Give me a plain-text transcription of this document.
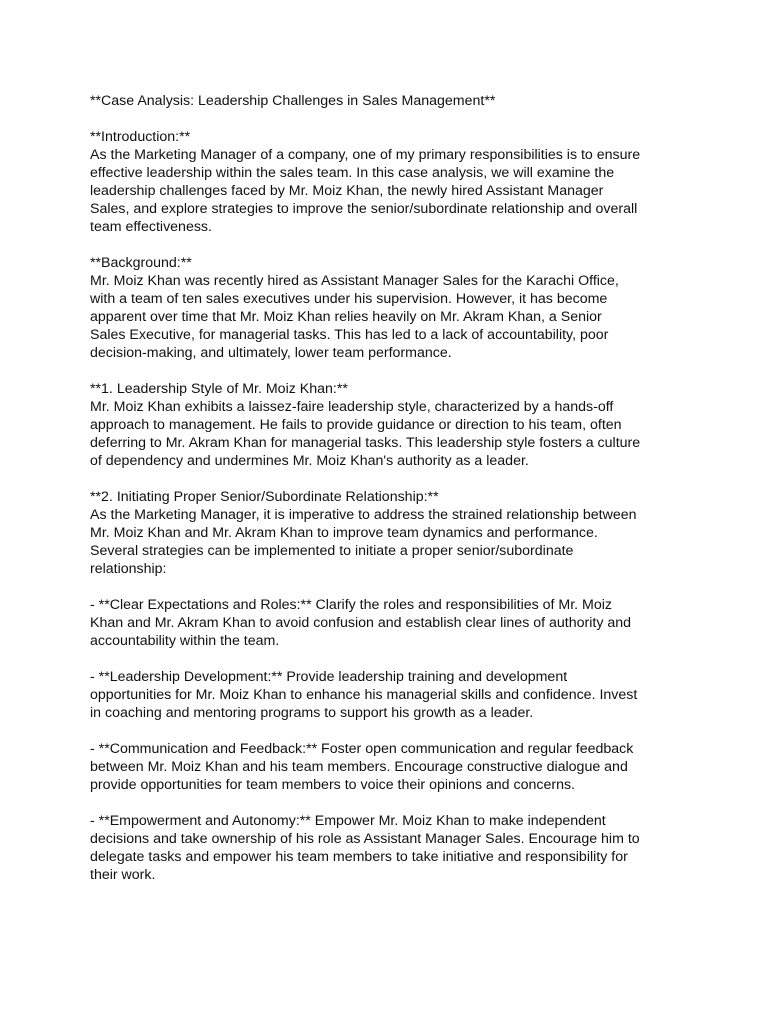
**Case Analysis: Leadership Challenges in Sales Management**
**Introduction:**
As the Marketing Manager of a company, one of my primary responsibilities is to ensure
effective leadership within the sales team. In this case analysis, we will examine the
leadership challenges faced by Mr. Moiz Khan, the newly hired Assistant Manager
Sales, and explore strategies to improve the senior/subordinate relationship and overall
team effectiveness.
**Background:**
Mr. Moiz Khan was recently hired as Assistant Manager Sales for the Karachi Office,
with a team of ten sales executives under his supervision. However, it has become
apparent over time that Mr. Moiz Khan relies heavily on Mr. Akram Khan, a Senior
Sales Executive, for managerial tasks. This has led to a lack of accountability, poor
decision-making, and ultimately, lower team performance.
**1. Leadership Style of Mr. Moiz Khan:**
Mr. Moiz Khan exhibits a laissez-faire leadership style, characterized by a hands-off
approach to management. He fails to provide guidance or direction to his team, often
deferring to Mr. Akram Khan for managerial tasks. This leadership style fosters a culture
of dependency and undermines Mr. Moiz Khan's authority as a leader.
**2. Initiating Proper Senior/Subordinate Relationship:**
As the Marketing Manager, it is imperative to address the strained relationship between
Mr. Moiz Khan and Mr. Akram Khan to improve team dynamics and performance.
Several strategies can be implemented to initiate a proper senior/subordinate
relationship:
- **Clear Expectations and Roles:** Clarify the roles and responsibilities of Mr. Moiz
Khan and Mr. Akram Khan to avoid confusion and establish clear lines of authority and
accountability within the team.
- **Leadership Development:** Provide leadership training and development
opportunities for Mr. Moiz Khan to enhance his managerial skills and confidence. Invest
in coaching and mentoring programs to support his growth as a leader.
- **Communication and Feedback:** Foster open communication and regular feedback
between Mr. Moiz Khan and his team members. Encourage constructive dialogue and
provide opportunities for team members to voice their opinions and concerns.
- **Empowerment and Autonomy:** Empower Mr. Moiz Khan to make independent
decisions and take ownership of his role as Assistant Manager Sales. Encourage him to
delegate tasks and empower his team members to take initiative and responsibility for
their work.
